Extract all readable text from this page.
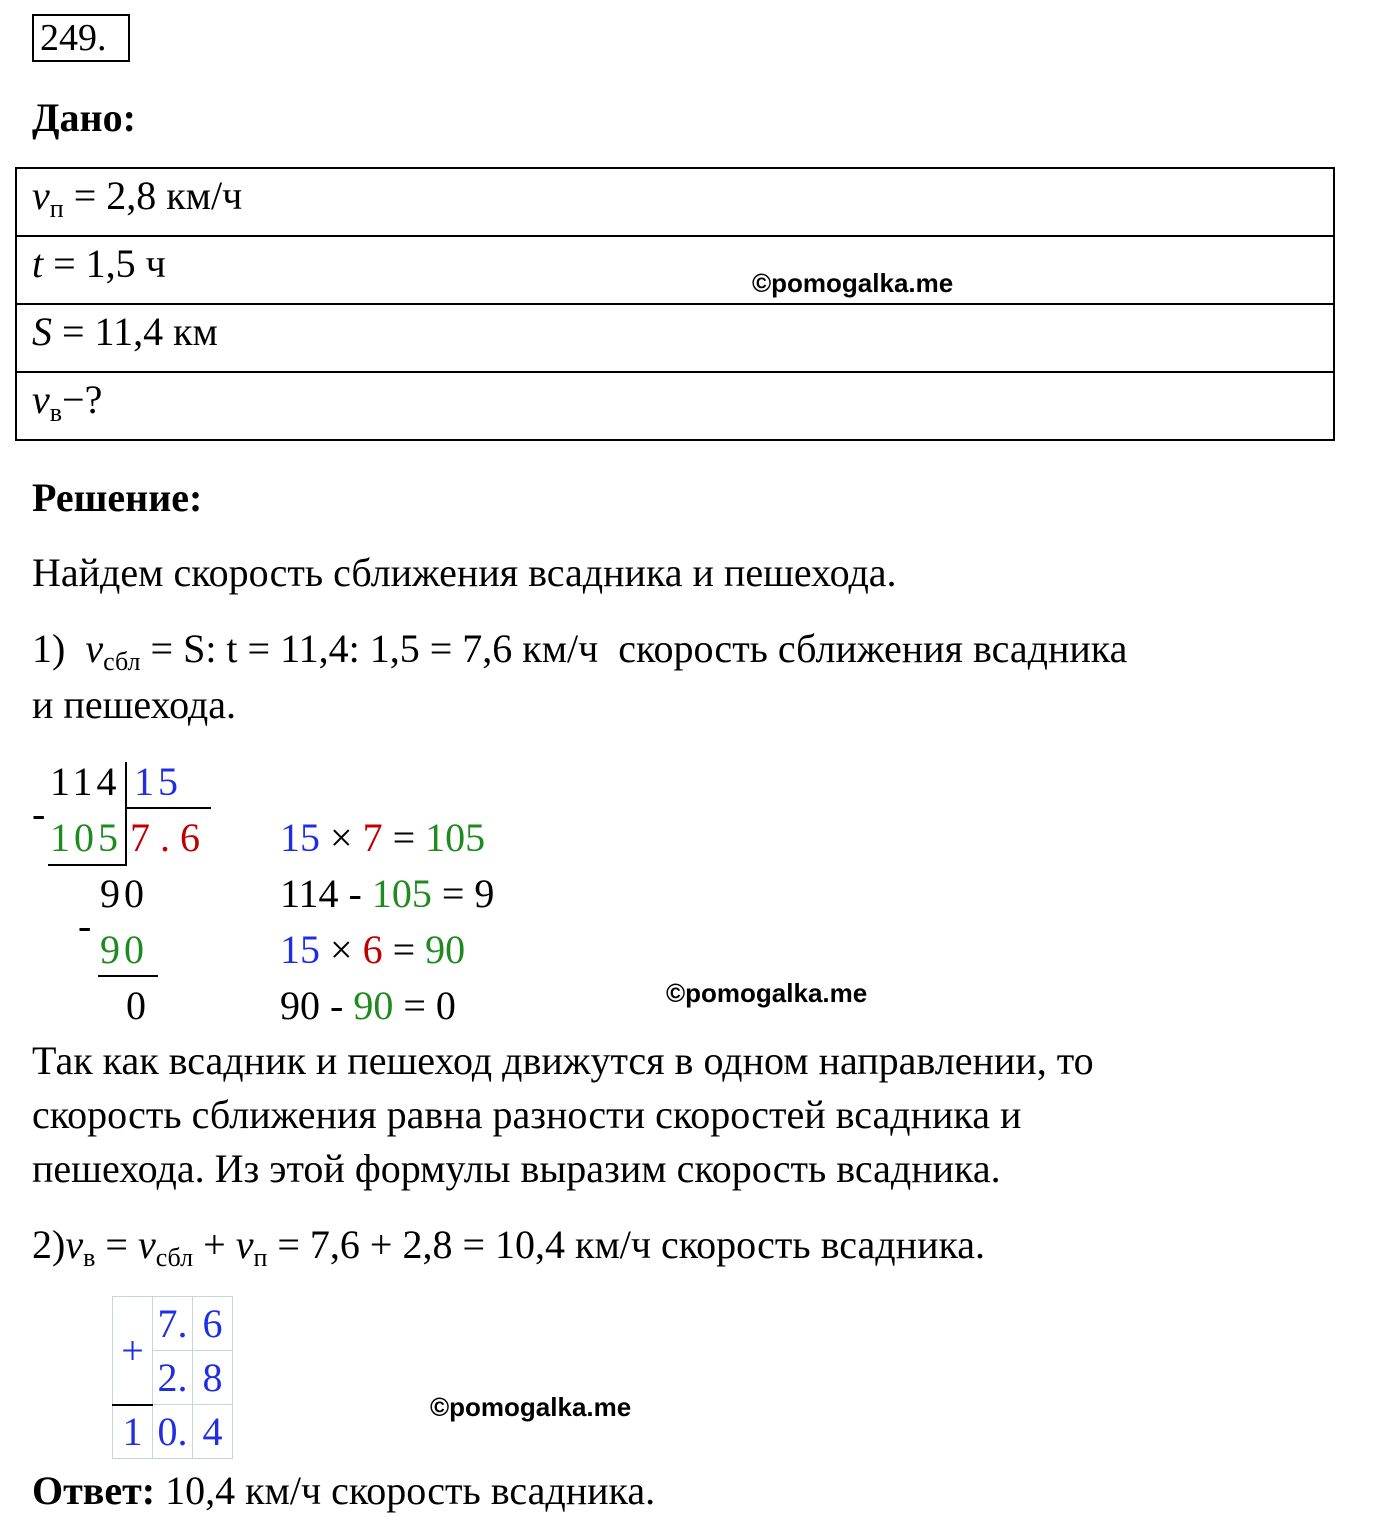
249.
Дано:
$v_п = 2,8$ км/ч
t = 1,5 ч
S = 11,4 км
$v_в-$?
©pomogalka.me
Решение:
Найдем скорость сближения всадника и пешехода.
1) $v_{сбл} = S$: t = 11,4: 1,5 = 7,6 км/ч скорость сближения всадника
и пешехода.
114 15
-
105 7 . 6
90
-
90
0
15 × 7 = 105
114 - 105 = 9
15 × 6 = 90
90 - 90 = 0	©pomogalka.me
Так как всадник и пешеход движутся в одном направлении, то
скорость сближения равна разности скоростей всадника и
пешехода. Из этой формулы выразим скорость всадника.
$2)v_в = v_{сбл} + v_п = 7,6 + 2,8 = 10,4$ км/ч скорость всадника.
+	7.	6
	2.	8
1	0.	4
©pomogalka.me
Ответ: 10,4 км/ч скорость всадника.
